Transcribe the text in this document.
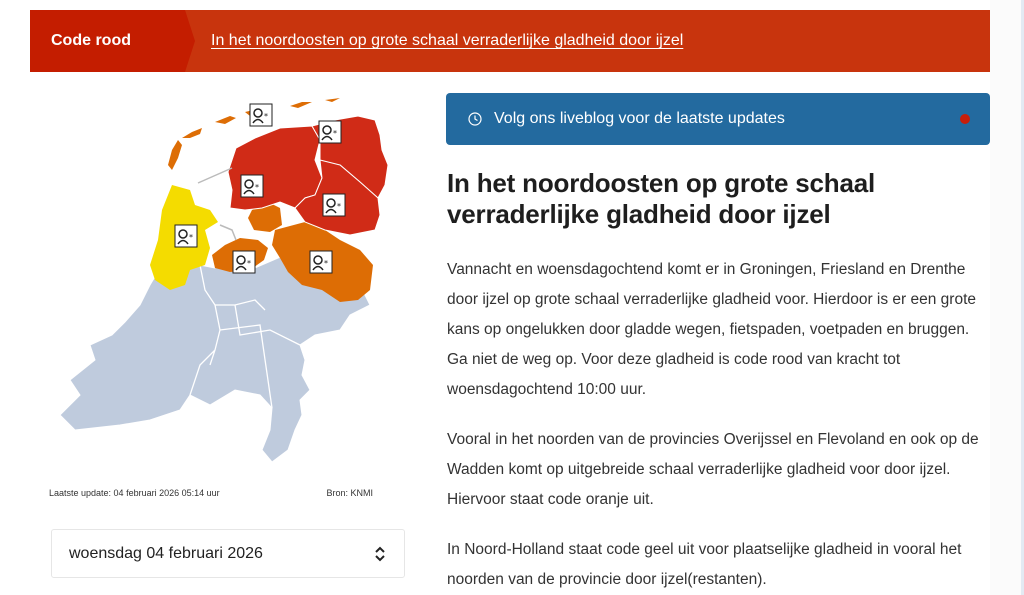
Code rood	In het noordoosten op grote schaal verraderlijke gladheid door ijzel
*
*
*
*
*
*	*
Laatste update: 04 februari 2026 05:14 uur	Bron: KNMI
woensdag 04 februari 2026
Volg ons liveblog voor de laatste updates
In het noordoosten op grote schaal verraderlijke gladheid door ijzel

Vannacht en woensdagochtend komt er in Groningen, Friesland en Drenthe door ijzel op grote schaal verraderlijke gladheid voor. Hierdoor is er een grote kans op ongelukken door gladde wegen, fietspaden, voetpaden en bruggen. Ga niet de weg op. Voor deze gladheid is code rood van kracht tot woensdagochtend 10:00 uur.

Vooral in het noorden van de provincies Overijssel en Flevoland en ook op de Wadden komt op uitgebreide schaal verraderlijke gladheid voor door ijzel. Hiervoor staat code oranje uit.

In Noord-Holland staat code geel uit voor plaatselijke gladheid in vooral het noorden van de provincie door ijzel(restanten).
